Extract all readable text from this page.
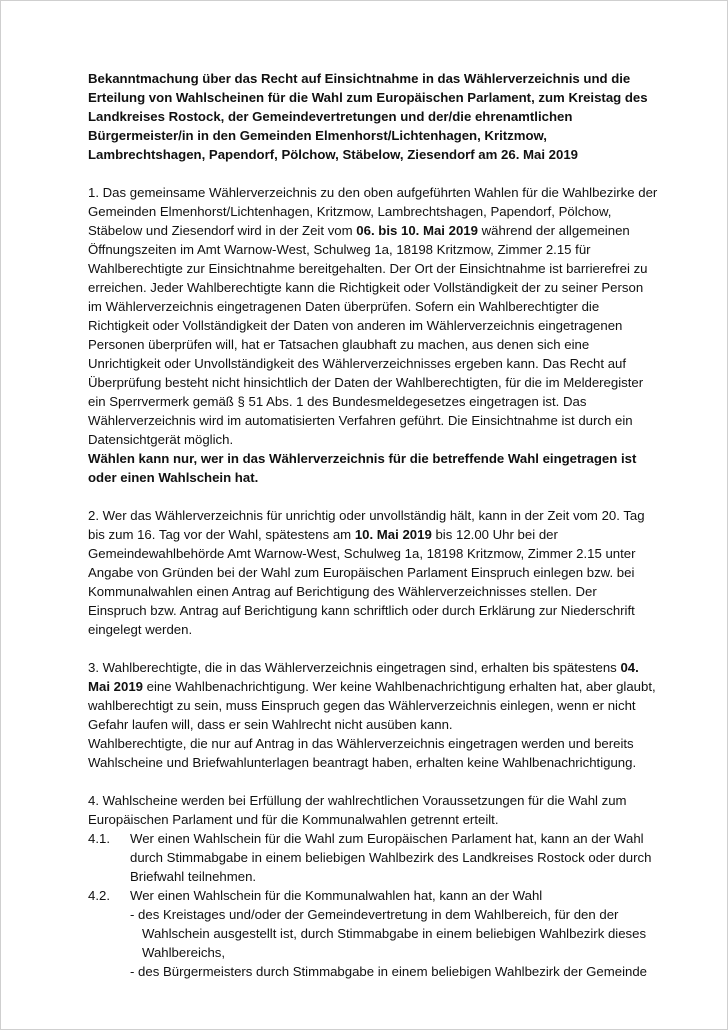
Bekanntmachung über das Recht auf Einsichtnahme in das Wählerverzeichnis und die Erteilung von Wahlscheinen für die Wahl zum Europäischen Parlament, zum Kreistag des Landkreises Rostock, der Gemeindevertretungen und der/die ehrenamtlichen Bürgermeister/in in den Gemeinden Elmenhorst/Lichtenhagen, Kritzmow, Lambrechtshagen, Papendorf, Pölchow, Stäbelow, Ziesendorf am 26. Mai 2019

1. Das gemeinsame Wählerverzeichnis zu den oben aufgeführten Wahlen für die Wahlbezirke der Gemeinden Elmenhorst/Lichtenhagen, Kritzmow, Lambrechtshagen, Papendorf, Pölchow, Stäbelow und Ziesendorf wird in der Zeit vom 06. bis 10. Mai 2019 während der allgemeinen Öffnungszeiten im Amt Warnow-West, Schulweg 1a, 18198 Kritzmow, Zimmer 2.15 für Wahlberechtigte zur Einsichtnahme bereitgehalten. Der Ort der Einsichtnahme ist barrierefrei zu erreichen. Jeder Wahlberechtigte kann die Richtigkeit oder Vollständigkeit der zu seiner Person im Wählerverzeichnis eingetragenen Daten überprüfen. Sofern ein Wahlberechtigter die Richtigkeit oder Vollständigkeit der Daten von anderen im Wählerverzeichnis eingetragenen Personen überprüfen will, hat er Tatsachen glaubhaft zu machen, aus denen sich eine Unrichtigkeit oder Unvollständigkeit des Wählerverzeichnisses ergeben kann. Das Recht auf Überprüfung besteht nicht hinsichtlich der Daten der Wahlberechtigten, für die im Melderegister ein Sperrvermerk gemäß § 51 Abs. 1 des Bundesmeldegesetzes eingetragen ist. Das Wählerverzeichnis wird im automatisierten Verfahren geführt. Die Einsichtnahme ist durch ein Datensichtgerät möglich.

Wählen kann nur, wer in das Wählerverzeichnis für die betreffende Wahl eingetragen ist oder einen Wahlschein hat.

2. Wer das Wählerverzeichnis für unrichtig oder unvollständig hält, kann in der Zeit vom 20. Tag bis zum 16. Tag vor der Wahl, spätestens am 10. Mai 2019 bis 12.00 Uhr bei der Gemeindewahlbehörde Amt Warnow-West, Schulweg 1a, 18198 Kritzmow, Zimmer 2.15 unter Angabe von Gründen bei der Wahl zum Europäischen Parlament Einspruch einlegen bzw. bei Kommunalwahlen einen Antrag auf Berichtigung des Wählerverzeichnisses stellen. Der Einspruch bzw. Antrag auf Berichtigung kann schriftlich oder durch Erklärung zur Niederschrift eingelegt werden.

3. Wahlberechtigte, die in das Wählerverzeichnis eingetragen sind, erhalten bis spätestens 04. Mai 2019 eine Wahlbenachrichtigung. Wer keine Wahlbenachrichtigung erhalten hat, aber glaubt, wahlberechtigt zu sein, muss Einspruch gegen das Wählerverzeichnis einlegen, wenn er nicht Gefahr laufen will, dass er sein Wahlrecht nicht ausüben kann.

Wahlberechtigte, die nur auf Antrag in das Wählerverzeichnis eingetragen werden und bereits Wahlscheine und Briefwahlunterlagen beantragt haben, erhalten keine Wahlbenachrichtigung.

4. Wahlscheine werden bei Erfüllung der wahlrechtlichen Voraussetzungen für die Wahl zum Europäischen Parlament und für die Kommunalwahlen getrennt erteilt.

4.1.	Wer einen Wahlschein für die Wahl zum Europäischen Parlament hat, kann an der Wahl durch Stimmabgabe in einem beliebigen Wahlbezirk des Landkreises Rostock oder durch Briefwahl teilnehmen.
4.2.	Wer einen Wahlschein für die Kommunalwahlen hat, kann an der Wahl
- des Kreistages und/oder der Gemeindevertretung in dem Wahlbereich, für den der Wahlschein ausgestellt ist, durch Stimmabgabe in einem beliebigen Wahlbezirk dieses Wahlbereichs,
- des Bürgermeisters durch Stimmabgabe in einem beliebigen Wahlbezirk der Gemeinde
